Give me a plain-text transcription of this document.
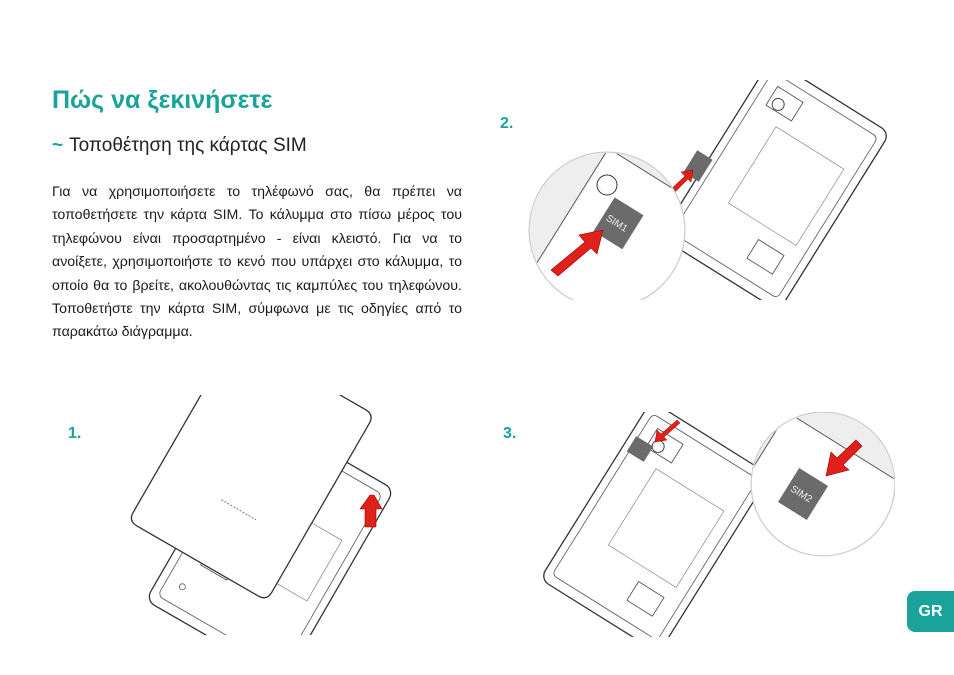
Πώς να ξεκινήσετε
~ Τοποθέτηση της κάρτας SIM
Για να χρησιμοποιήσετε το τηλέφωνό σας, θα πρέπει να τοποθετήσετε την κάρτα SIM. Το κάλυμμα στο πίσω μέρος του τηλεφώνου είναι προσαρτημένο - είναι κλειστό. Για να το ανοίξετε, χρησιμοποιήστε το κενό που υπάρχει στο κάλυμμα, το οποίο θα το βρείτε, ακολουθώντας τις καμπύλες του τηλεφώνου. Τοποθετήστε την κάρτα SIM, σύμφωνα με τις οδηγίες από το παρακάτω διάγραμμα.
1.
2.
3.
SIM1
SIM2
GR
